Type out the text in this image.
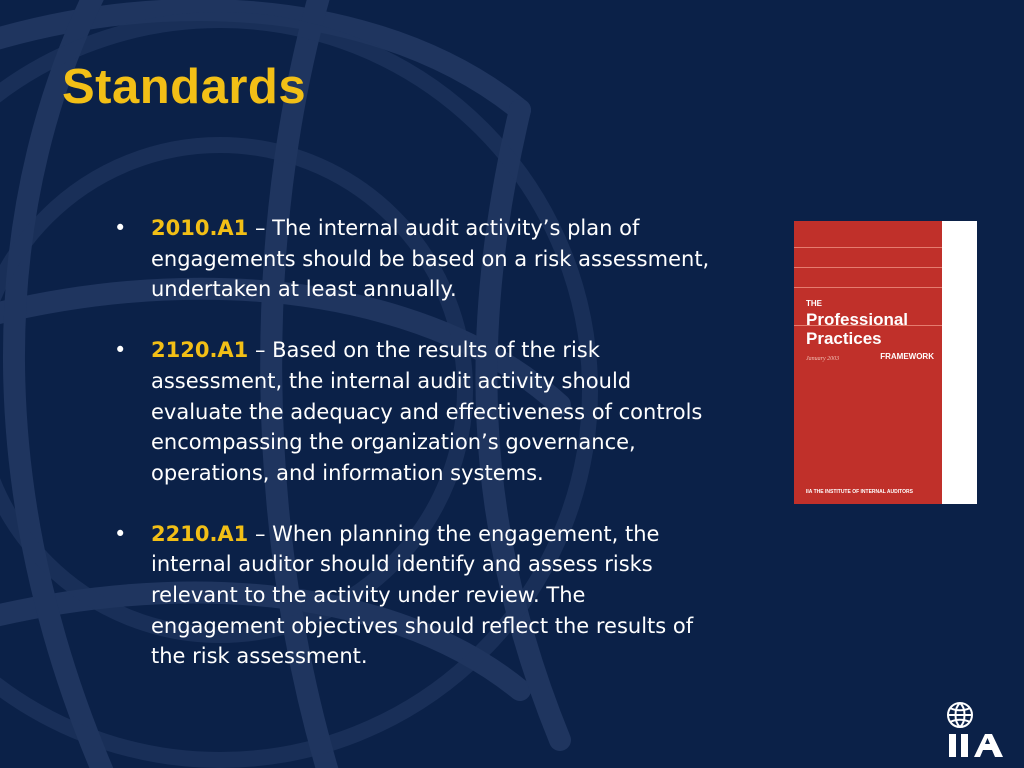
Standards
• 2010.A1 – The internal audit activity’s plan of engagements should be based on a risk assessment, undertaken at least annually.
• 2120.A1 – Based on the results of the risk assessment, the internal audit activity should evaluate the adequacy and effectiveness of controls encompassing the organization’s governance, operations, and information systems.
• 2210.A1 – When planning the engagement, the internal auditor should identify and assess risks relevant to the activity under review. The engagement objectives should reflect the results of the risk assessment.

THE

Professional Practices

January 2003	FRAMEWORK

IIA THE INSTITUTE OF INTERNAL AUDITORS
